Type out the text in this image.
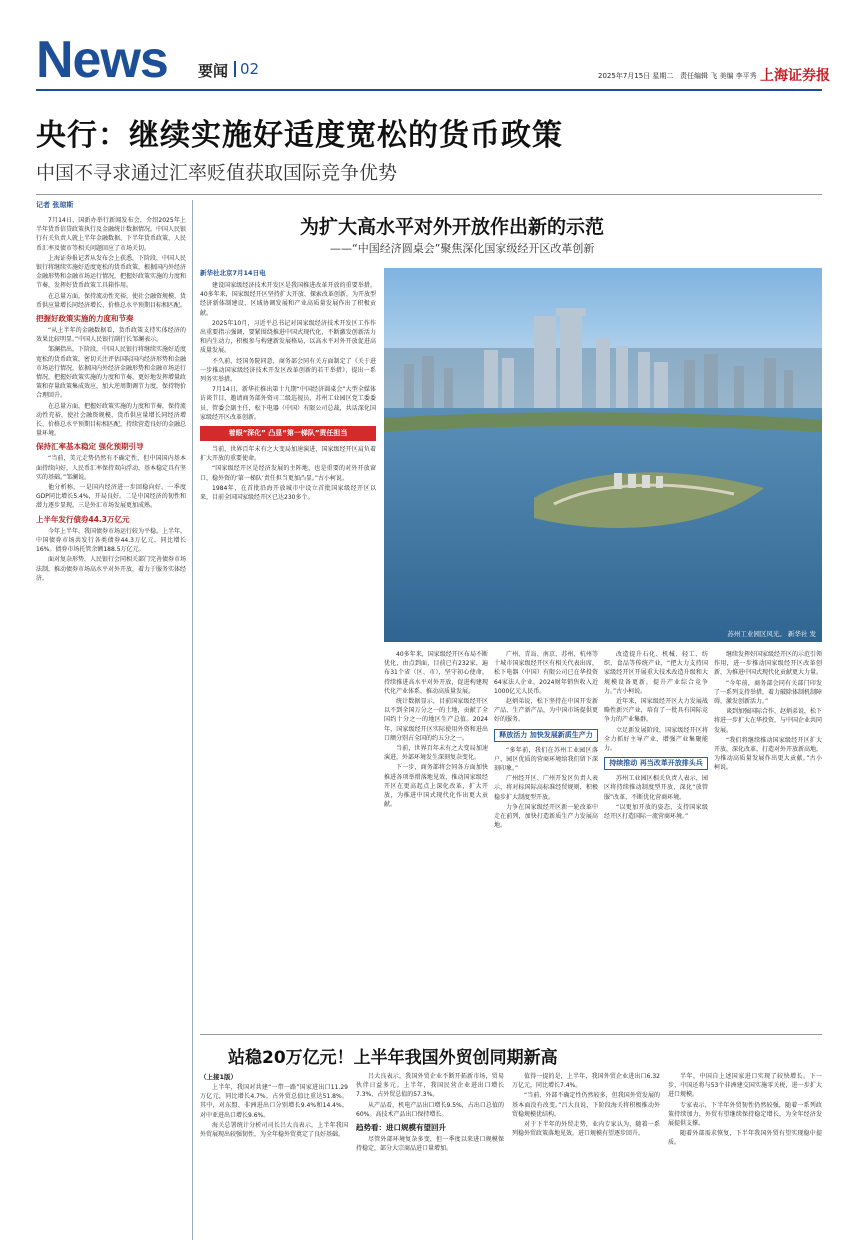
News 要闻 02	2025年7月15日 星期二 责任编辑 飞 美编 李平秀 上海证券报
央行：继续实施好适度宽松的货币政策
中国不寻求通过汇率贬值获取国际竞争优势
记者 张琼斯

7月14日，国新办举行新闻发布会，介绍2025年上半年货币信贷政策执行及金融统计数据情况。中国人民银行有关负责人就上半年金融数据、下半年货币政策、人民币汇率及债市等相关问题回应了市场关切。

上海证券报记者从发布会上获悉，下阶段，中国人民银行将继续实施好适度宽松的货币政策，根据国内外经济金融形势和金融市场运行情况，把握好政策实施的力度和节奏，发挥好货币政策工具箱作用。

在总量方面，保持流动性充裕，使社会融资规模、货币供应量增长同经济增长、价格总水平预期目标相匹配。

把握好政策实施的力度和节奏

“从上半年的金融数据看，货币政策支持实体经济的效果比较明显。”中国人民银行副行长邹澜表示。

邹澜指出，下阶段，中国人民银行将继续实施好适度宽松的货币政策，密切关注评估国际国内经济形势和金融市场运行情况，依据国内外经济金融形势和金融市场运行情况，把握好政策实施的力度和节奏，更好地发挥增量政策和存量政策集成效应，加大逆周期调节力度，保持物价合理回升。

在总量方面，把握好政策实施的力度和节奏，保持流动性充裕，使社会融资规模、货币供应量增长同经济增长、价格总水平预期目标相匹配，持续营造良好的金融总量环境。

保持汇率基本稳定 强化预期引导

“当前，美元走势仍然有不确定性，但中国国内基本面持续向好，人民币汇率保持双向浮动，基本稳定具有坚实的基础。”邹澜说。

他分析称，一是国内经济进一步回稳向好。一季度GDP同比增长5.4%，开局良好。二是中国经济的韧性和潜力逐步显现。三是外汇市场发展更加成熟。

上半年发行债券44.3万亿元

今年上半年，我国债券市场运行较为平稳。上半年，中国债券市场共发行各类债券44.3万亿元，同比增长16%。债券市场托管余额188.5万亿元。

面对复杂形势，人民银行会同相关部门完善债券市场法制，推动债券市场高水平对外开放，着力于服务实体经济。

为扩大高水平对外开放作出新的示范
——“中国经济圆桌会”聚焦深化国家级经开区改革创新
新华社北京7月14日电

建设国家级经济技术开发区是我国推进改革开放的重要举措，40多年来，国家级经开区坚持扩大开放、探索改革创新，为开放型经济新体制建设、区域协调发展和产业高质量发展作出了积极贡献。

2025年10月，习近平总书记对国家级经济技术开发区工作作出重要指示强调，要紧围绕推进中国式现代化，不断激发创新活力和内生动力，积极参与构建新发展格局，以高水平对外开放促进高质量发展。

不久前，经国务院同意，商务部会同有关方面制定了《关于进一步推动国家级经济技术开发区改革创新的若干举措》，提出一系列务实举措。

7月14日，新华社推出第十九期“中国经济圆桌会”大型全媒体访谈节目，邀请商务部外资司二级巡视员，苏州工业园区党工委委员，管委会副主任，松下电器（中国）有限公司总裁，共话深化国家级经开区改革创新。

着眼“深化” 凸显“第一梯队”责任担当

当前，世界百年未有之大变局加速演进，国家级经开区肩负着扩大开放的重要使命。

“国家级经开区是经济发展的主阵地，也是重要的对外开放窗口，稳外资的‘第一梯队’责任担当更加凸显。”古小柯说。

1984年，在首批沿海开放城市中设立首批国家级经开区以来，目前全国国家级经开区已达230多个。

苏州工业园区风光。 新华社 发

40多年来，国家级经开区布局不断优化，由点到面，目前已有232家，遍布31个省（区、市），坚守初心使命，持续推进高水平对外开放，促进构建现代化产业体系，推动高质量发展。

统计数据显示，目前国家级经开区以不到全国万分之一的土地，贡献了全国约十分之一的地区生产总值。2024年，国家级经开区实际使用外资和进出口额分别占全国的约五分之一。

当前，世界百年未有之大变局加速演进，外部环境发生深刻复杂变化。

下一步，商务部将会同各方面加快推进各项举措落地见效，推动国家级经开区在更高起点上深化改革，扩大开放，为推进中国式现代化作出更大贡献。

广州、青岛、南京、苏州、杭州等十城市国家级经开区有相关代表出席，松下电器（中国）有限公司已在华投资64家法人企业，2024财年销售收入近1000亿元人民币。

赵炳弟说，松下坚持在中国开发新产品、生产新产品，为中国市场提供更好的服务。

释放活力 加快发展新质生产力

“多年前，我们在苏州工业园区落户，园区优质的营商环境给我们留下深刻印象。”

广州经开区、广州开发区负责人表示，将对标国际高标准经贸规则，积极稳步扩大制度型开放。

力争在国家级经开区新一轮改革中走在前列，加快打造新质生产力发展高地。

改造提升石化、机械、轻工、纺织、食品等传统产业，“把大力支持国家级经开区开展重大技术改造升级和大规模设备更新，提升产业综合竞争力。”古小柯说。

近年来，国家级经开区大力发展战略性新兴产业，培育了一批具有国际竞争力的产业集群。

立足新发展阶段，国家级经开区将全力抓好主导产业，增强产业集聚能力。

持续推动 再当改革开放排头兵

苏州工业园区相关负责人表示，园区将持续推动制度型开放，深化“放管服”改革，不断优化营商环境。

“以更加开放的姿态，支持国家级经开区打造国际一流营商环境。”

继续发挥好国家级经开区的示范引领作用，进一步推动国家级经开区改革创新，为推进中国式现代化贡献更大力量。

“今年前，商务部会同有关部门印发了一系列支持举措，着力破除体制机制障碍，激发创新活力。”

谈到加强国际合作，赵炳弟说，松下将进一步扩大在华投资，与中国企业共同发展。

“我们将继续推动国家级经开区扩大开放，深化改革，打造对外开放新高地，为推动高质量发展作出更大贡献。”古小柯说。

站稳20万亿元！上半年我国外贸创同期新高
（上接1版）

上半年，我国对共建“一带一路”国家进出口11.29万亿元，同比增长4.7%，占外贸总值比重达51.8%。其中，对东盟、非洲进出口分别增长9.4%和14.4%，对中亚进出口增长9.6%。

海关总署统计分析司司长吕大良表示，上半年我国外贸展现出较强韧性，为全年稳外贸奠定了良好基础。

吕大良表示，我国外贸企业不断开拓新市场，贸易伙伴日益多元。上半年，我国民营企业进出口增长7.3%，占外贸总值的57.3%。

从产品看，机电产品出口增长9.5%，占出口总值的60%。高技术产品出口保持增长。

趋势看：进口规模有望回升

尽管外部环境复杂多变，但一季度以来进口规模保持稳定，部分大宗商品进口量增加。

值得一提的是，上半年，我国外贸企业进出口6.32万亿元，同比增长7.4%。

“当前，外部不确定性仍然较多，但我国外贸发展的基本面没有改变。”吕大良说，下阶段海关将积极推动外贸稳规模优结构。

对于下半年的外贸走势，业内专家认为，随着一系列稳外贸政策落地见效，进口规模有望逐步回升。

半年，中国自上述国家进口实现了较快增长。下一步，中国还将与53个非洲建交国实施零关税，进一步扩大进口规模。

专家表示，下半年外贸韧性仍然较强，随着一系列政策持续加力，外贸有望继续保持稳定增长，为全年经济发展提供支撑。

随着外部需求恢复，下半年我国外贸有望实现稳中提质。
